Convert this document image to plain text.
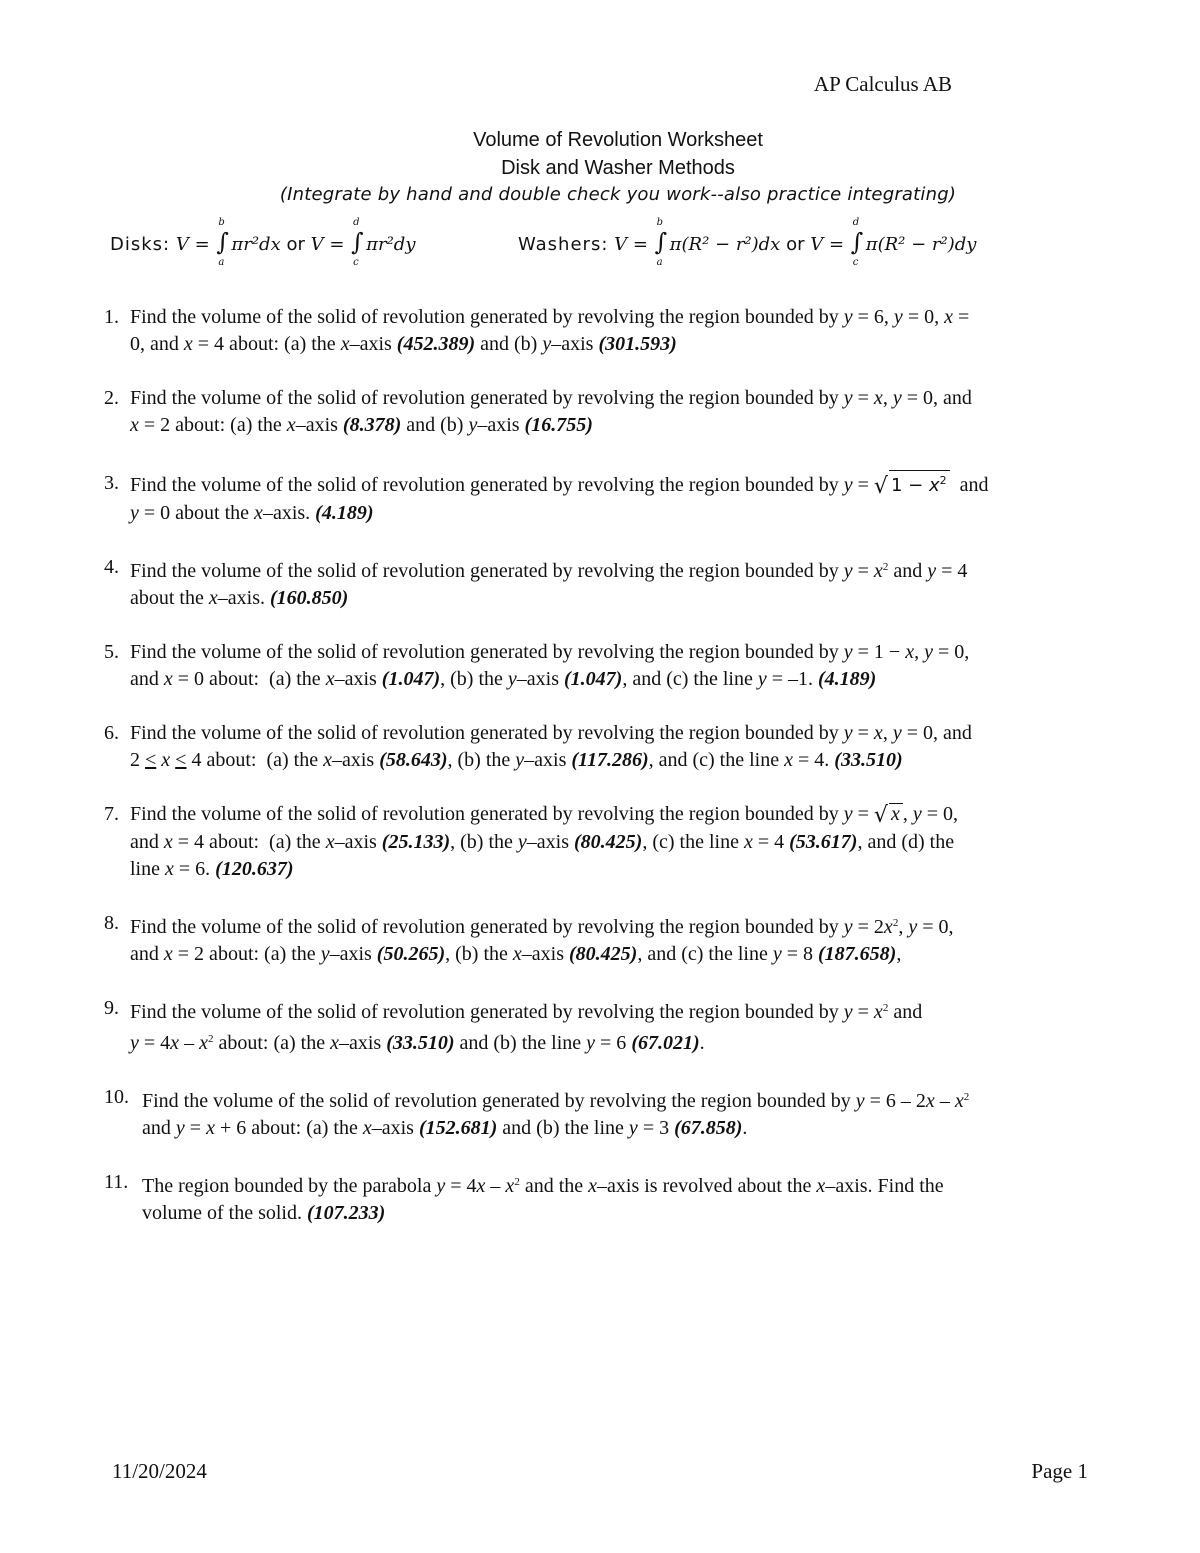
AP Calculus AB
Volume of Revolution Worksheet
Disk and Washer Methods
(Integrate by hand and double check you work--also practice integrating)
Disks: V = ∫
b
a
πr²dx or V = ∫
d
c
πr²dy	Washers: V = ∫
b
a
π(R² − r²)dx or V = ∫
d
c
π(R² − r²)dy
1. Find the volume of the solid of revolution generated by revolving the region bounded by y = 6, y = 0, x =
0, and x = 4 about: (a) the x–axis (452.389) and (b) y–axis (301.593)
2. Find the volume of the solid of revolution generated by revolving the region bounded by y = x, y = 0, and
x = 2 about: (a) the x–axis (8.378) and (b) y–axis (16.755)
3. Find the volume of the solid of revolution generated by revolving the region bounded by y = √ $1 - x^2$  and
y = 0 about the x–axis. (4.189)
4. Find the volume of the solid of revolution generated by revolving the region bounded by $y = x^2$ and y = 4
about the x–axis. (160.850)
5. Find the volume of the solid of revolution generated by revolving the region bounded by y = 1 − x, y = 0,
and x = 0 about:  (a) the x–axis (1.047), (b) the y–axis (1.047), and (c) the line y = –1. (4.189)
6. Find the volume of the solid of revolution generated by revolving the region bounded by y = x, y = 0, and
2 < x < 4 about:  (a) the x–axis (58.643), (b) the y–axis (117.286), and (c) the line x = 4. (33.510)
7. Find the volume of the solid of revolution generated by revolving the region bounded by y = √ x , y = 0,
and x = 4 about:  (a) the x–axis (25.133), (b) the y–axis (80.425), (c) the line x = 4 (53.617), and (d) the
line x = 6. (120.637)
8. Find the volume of the solid of revolution generated by revolving the region bounded by $y = 2x^2$, y = 0,
and x = 2 about: (a) the y–axis (50.265), (b) the x–axis (80.425), and (c) the line y = 8 (187.658),
9. Find the volume of the solid of revolution generated by revolving the region bounded by $y = x^2$ and
$y = 4x - x^2$ about: (a) the x–axis (33.510) and (b) the line y = 6 (67.021).
10. Find the volume of the solid of revolution generated by revolving the region bounded by $y = 6 - 2x - x^2$
and y = x + 6 about: (a) the x–axis (152.681) and (b) the line y = 3 (67.858).
11. The region bounded by the parabola $y = 4x - x^2$ and the x–axis is revolved about the x–axis. Find the
volume of the solid. (107.233)
11/20/2024	Page 1
